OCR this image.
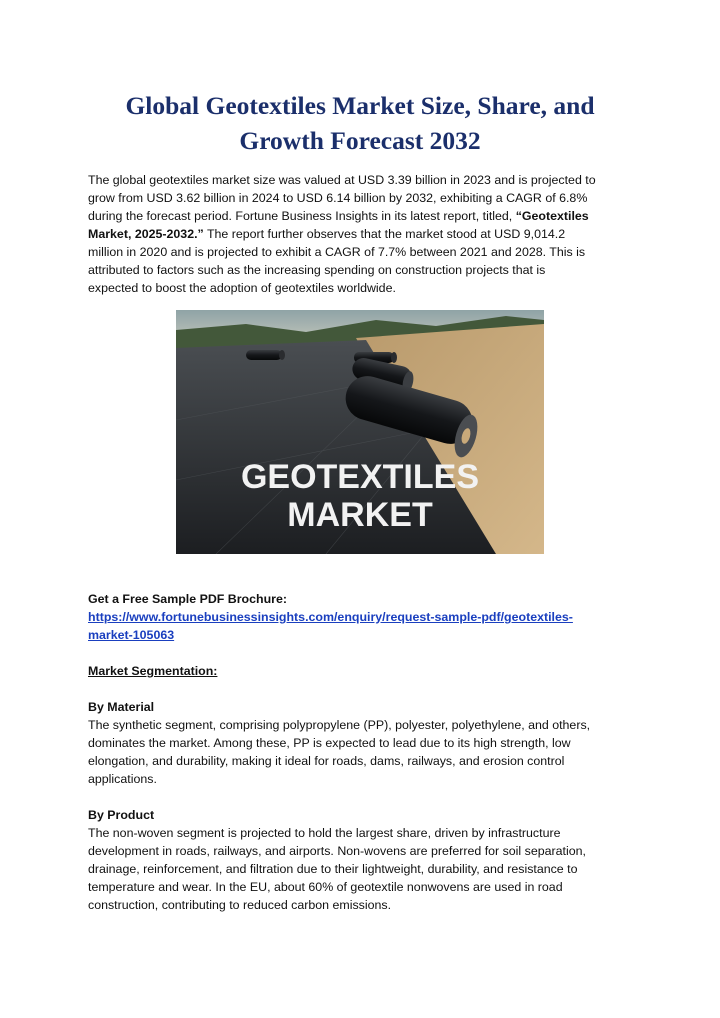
Global Geotextiles Market Size, Share, and
Growth Forecast 2032
The global geotextiles market size was valued at USD 3.39 billion in 2023 and is projected to
grow from USD 3.62 billion in 2024 to USD 6.14 billion by 2032, exhibiting a CAGR of 6.8%
during the forecast period. Fortune Business Insights in its latest report, titled, “Geotextiles
Market, 2025-2032.” The report further observes that the market stood at USD 9,014.2
million in 2020 and is projected to exhibit a CAGR of 7.7% between 2021 and 2028. This is
attributed to factors such as the increasing spending on construction projects that is
expected to boost the adoption of geotextiles worldwide.
GEOTEXTILES
MARKET
Get a Free Sample PDF Brochure:
https://www.fortunebusinessinsights.com/enquiry/request-sample-pdf/geotextiles-
market-105063
Market Segmentation:
By Material
The synthetic segment, comprising polypropylene (PP), polyester, polyethylene, and others,
dominates the market. Among these, PP is expected to lead due to its high strength, low
elongation, and durability, making it ideal for roads, dams, railways, and erosion control
applications.
By Product
The non-woven segment is projected to hold the largest share, driven by infrastructure
development in roads, railways, and airports. Non-wovens are preferred for soil separation,
drainage, reinforcement, and filtration due to their lightweight, durability, and resistance to
temperature and wear. In the EU, about 60% of geotextile nonwovens are used in road
construction, contributing to reduced carbon emissions.
